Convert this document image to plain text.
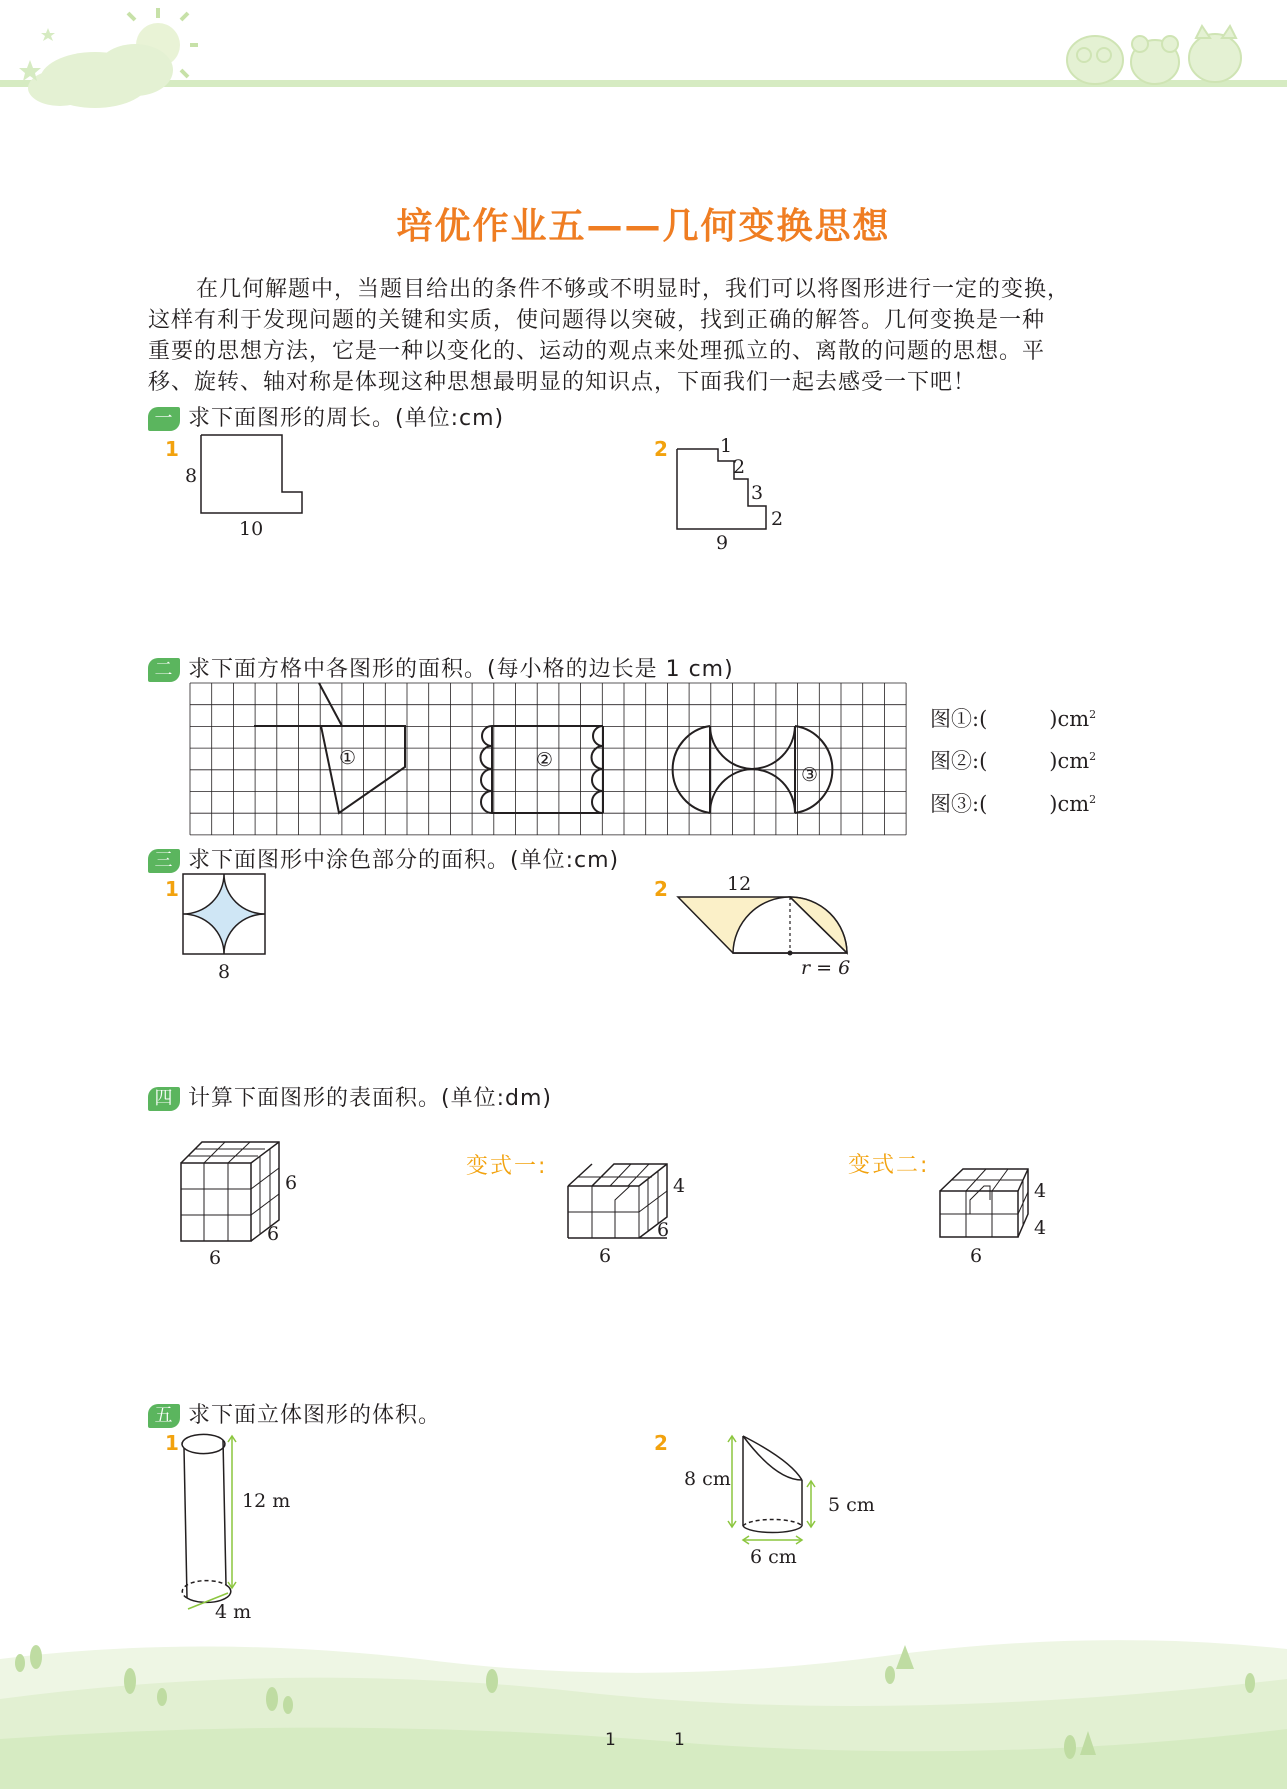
培优作业五——几何变换思想

在几何解题中，当题目给出的条件不够或不明显时，我们可以将图形进行一定的变换，

这样有利于发现问题的关键和实质，使问题得以突破，找到正确的解答。几何变换是一种

重要的思想方法，它是一种以变化的、运动的观点来处理孤立的、离散的问题的思想。平

移、旋转、轴对称是体现这种思想最明显的知识点，下面我们一起去感受一下吧！

一 求下面图形的周长。(单位:cm)
1
8
10
2	1
2
3
2
9
二 求下面方格中各图形的面积。(每小格的边长是 1 cm)
①	②
③
图①:(	)$cm^2$
图②:(	)$cm^2$
图③:(	)$cm^2$
三 求下面图形中涂色部分的面积。(单位:cm)
1
8
2	12
r = 6
四 计算下面图形的表面积。(单位:dm)
6
6
6
变式一:
4
6
6
变式二:
4
4
6
五 求下面立体图形的体积。
1
12 m
4 m
2
8 cm
5 cm
6 cm
1	1
